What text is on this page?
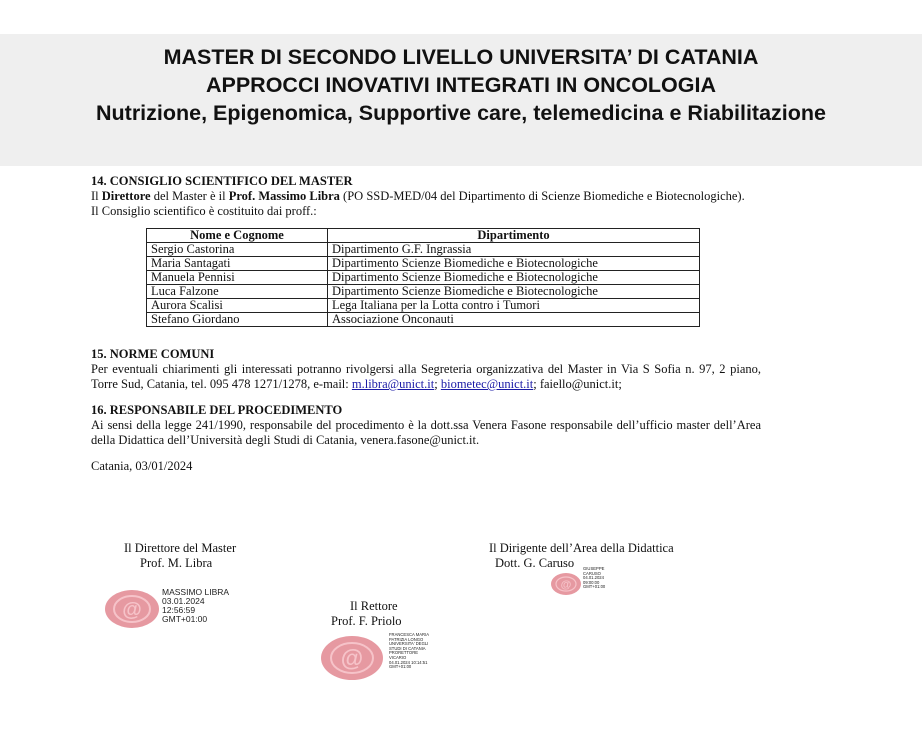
MASTER DI SECONDO LIVELLO UNIVERSITA’ DI CATANIA
APPROCCI INOVATIVI INTEGRATI IN ONCOLOGIA
Nutrizione, Epigenomica, Supportive care, telemedicina e Riabilitazione

14. CONSIGLIO SCIENTIFICO DEL MASTER

Il Direttore del Master è il Prof. Massimo Libra (PO SSD-MED/04 del Dipartimento di Scienze Biomediche e Biotecnologiche).

Il Consiglio scientifico è costituito dai proff.:

Nome e Cognome	Dipartimento
Sergio Castorina	Dipartimento G.F. Ingrassia
Maria Santagati	Dipartimento Scienze Biomediche e Biotecnologiche
Manuela Pennisi	Dipartimento Scienze Biomediche e Biotecnologiche
Luca Falzone	Dipartimento Scienze Biomediche e Biotecnologiche
Aurora Scalisi	Lega Italiana per la Lotta contro i Tumori
Stefano Giordano	Associazione Onconauti

15. NORME COMUNI

Per eventuali chiarimenti gli interessati potranno rivolgersi alla Segreteria organizzativa del Master in Via S Sofia n. 97, 2 piano, Torre Sud, Catania, tel. 095 478 1271/1278, e-mail: m.libra@unict.it; biometec@unict.it; faiello@unict.it;

16. RESPONSABILE DEL PROCEDIMENTO

Ai sensi della legge 241/1990, responsabile del procedimento è la dott.ssa Venera Fasone responsabile dell’ufficio master dell’Area della Didattica dell’Università degli Studi di Catania, venera.fasone@unict.it.

Catania, 03/01/2024

Il Direttore del Master
Prof. M. Libra
@
MASSIMO LIBRA
03.01.2024
12:56:59
GMT+01:00
Il Rettore
Prof. F. Priolo
@
FRANCESCA MARIA
PATRIZIA LONGO
UNIVERSITA' DEGLI
STUDI DI CATANIA
PRORETTORE
VICARIO
04.01.2024 10:14:51
GMT+01:00
Il Dirigente dell’Area della Didattica
Dott. G. Caruso
@
GIUSEPPE
CARUSO
04.01.2024
09:00:00
GMT+01:00
